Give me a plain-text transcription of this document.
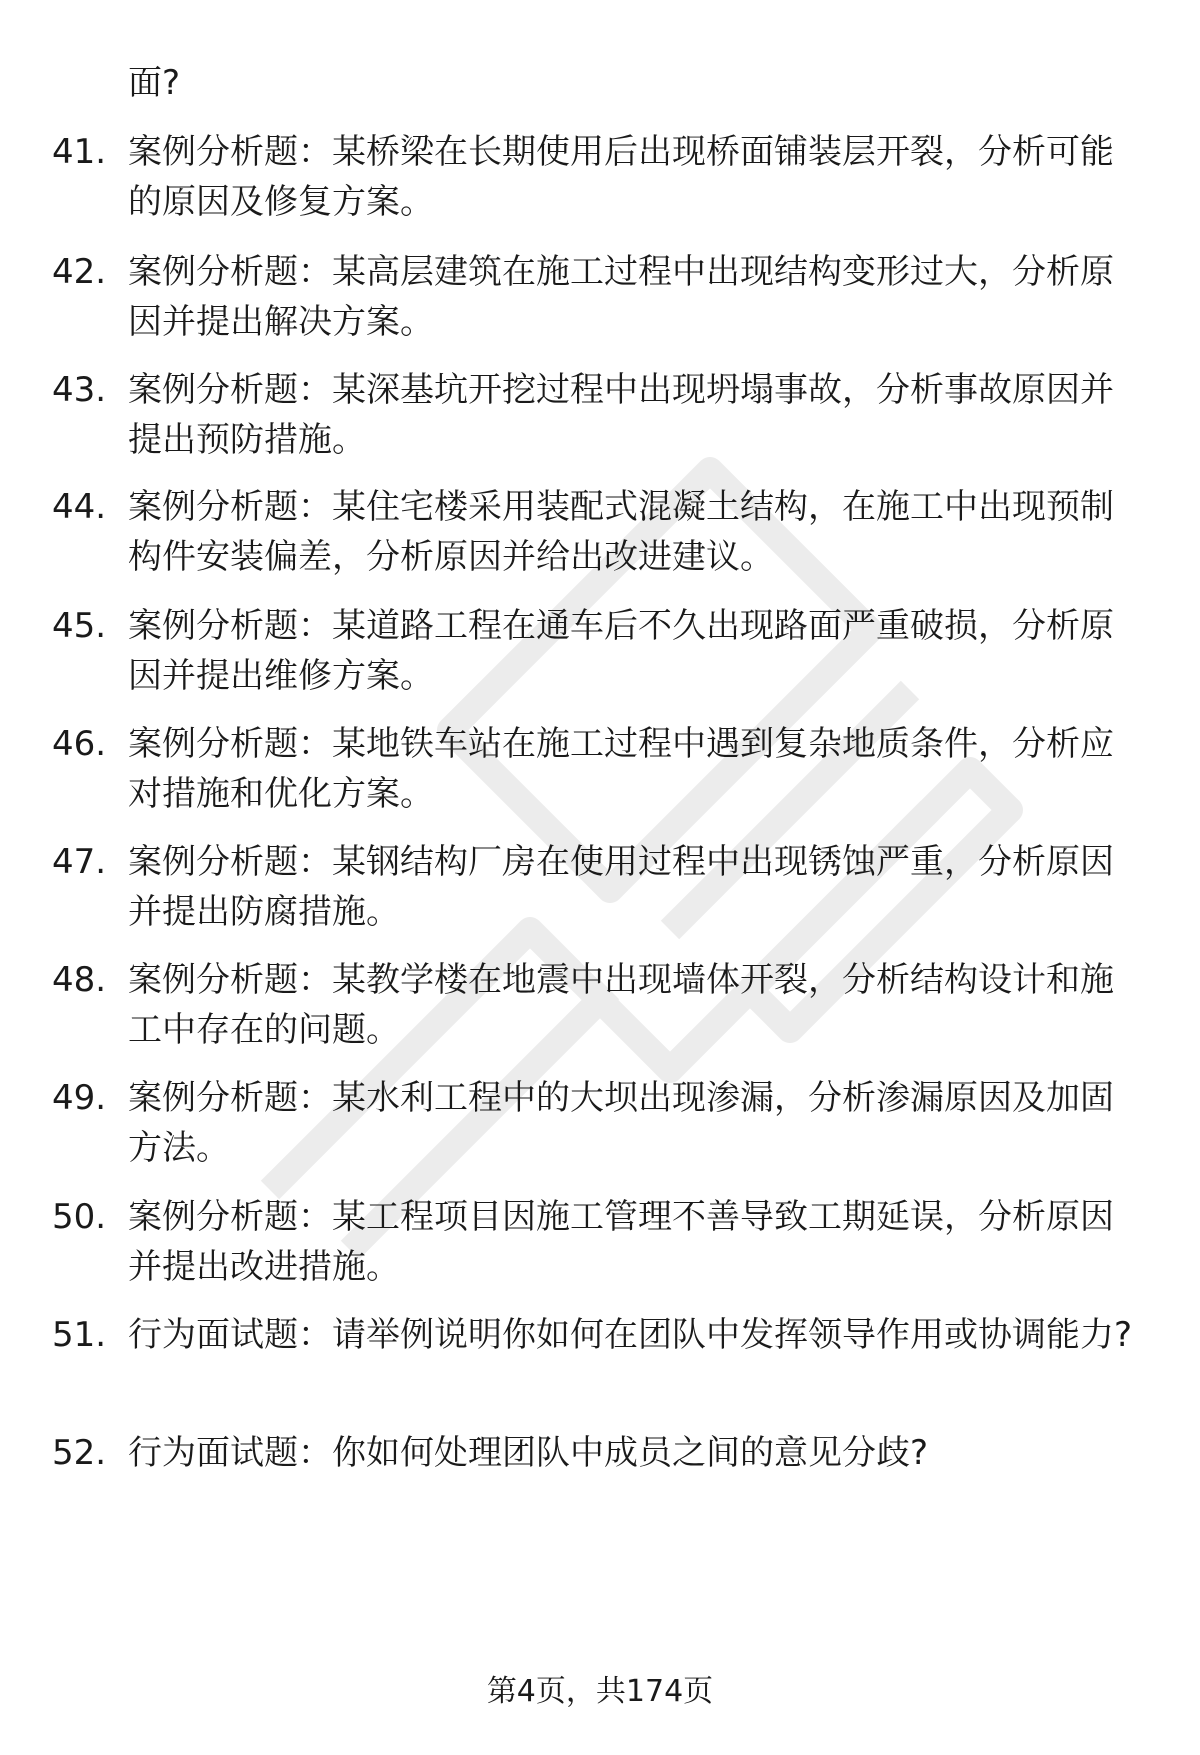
面?
41. 案例分析题：某桥梁在长期使用后出现桥面铺装层开裂，分析可能的原因及修复方案。
42. 案例分析题：某高层建筑在施工过程中出现结构变形过大，分析原因并提出解决方案。
43. 案例分析题：某深基坑开挖过程中出现坍塌事故，分析事故原因并提出预防措施。
44. 案例分析题：某住宅楼采用装配式混凝土结构，在施工中出现预制构件安装偏差，分析原因并给出改进建议。
45. 案例分析题：某道路工程在通车后不久出现路面严重破损，分析原因并提出维修方案。
46. 案例分析题：某地铁车站在施工过程中遇到复杂地质条件，分析应对措施和优化方案。
47. 案例分析题：某钢结构厂房在使用过程中出现锈蚀严重，分析原因并提出防腐措施。
48. 案例分析题：某教学楼在地震中出现墙体开裂，分析结构设计和施工中存在的问题。
49. 案例分析题：某水利工程中的大坝出现渗漏，分析渗漏原因及加固方法。
50. 案例分析题：某工程项目因施工管理不善导致工期延误，分析原因并提出改进措施。
51. 行为面试题：请举例说明你如何在团队中发挥领导作用或协调能力?
52. 行为面试题：你如何处理团队中成员之间的意见分歧?
第4页，共174页
